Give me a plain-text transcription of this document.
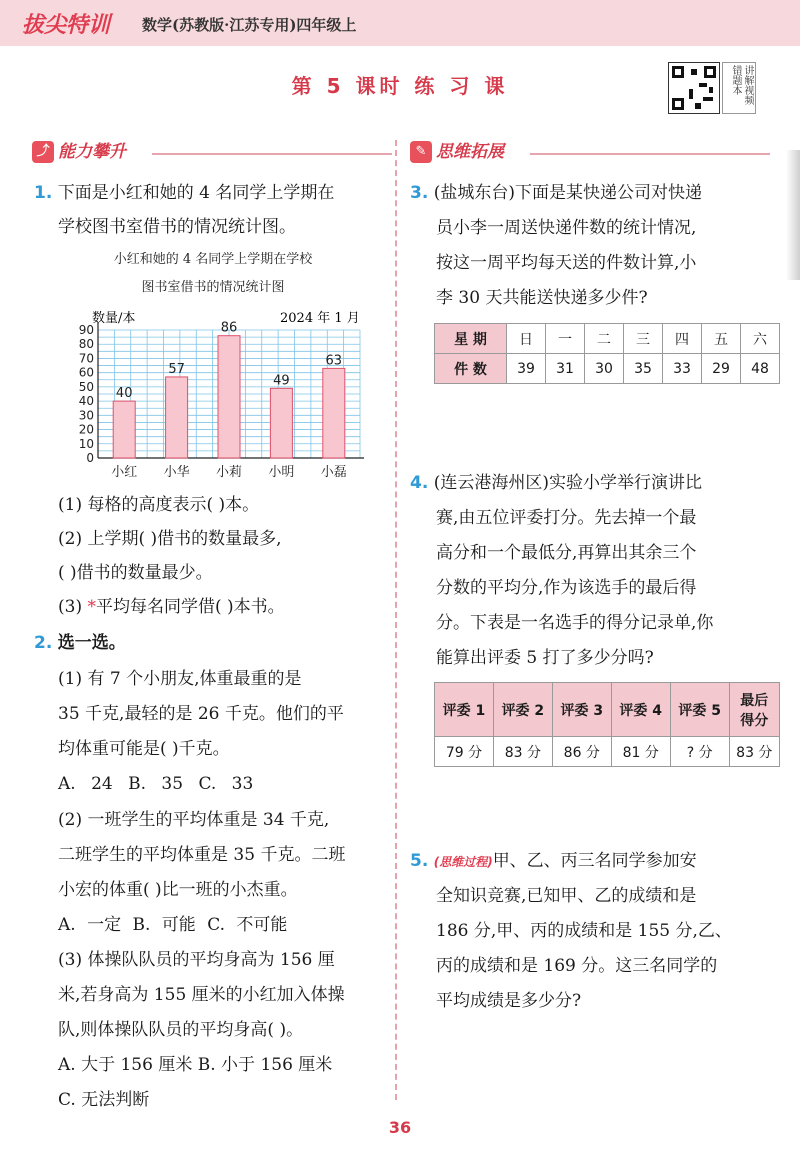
拔尖特训 数学(苏教版·江苏专用)四年级上
第 5 课时 练 习 课	讲解视频 错题本
⤴ 能力攀升	✎ 思维拓展
1. 下面是小红和她的 4 名同学上学期在
学校图书室借书的情况统计图。
小红和她的 4 名同学上学期在学校
图书室借书的情况统计图
数量/本	2024 年 1 月
0
10
20
30
40
50
60
70
80
90
40
小红
57
小华
86
小莉
49
小明
63
小磊
(1) 每格的高度表示( )本。
(2) 上学期( )借书的数量最多,
( )借书的数量最少。
(3) *平均每名同学借( )本书。
2. 选一选。
(1) 有 7 个小朋友,体重最重的是
35 千克,最轻的是 26 千克。他们的平
均体重可能是( )千克。
A. 24 B. 35 C. 33
(2) 一班学生的平均体重是 34 千克,
二班学生的平均体重是 35 千克。二班
小宏的体重( )比一班的小杰重。
A. 一定 B. 可能 C. 不可能
(3) 体操队队员的平均身高为 156 厘
米,若身高为 155 厘米的小红加入体操
队,则体操队队员的平均身高( )。
A. 大于 156 厘米 B. 小于 156 厘米
C. 无法判断
3. (盐城东台)下面是某快递公司对快递
员小李一周送快递件数的统计情况,
按这一周平均每天送的件数计算,小
李 30 天共能送快递多少件?
星 期	日	一	二	三	四	五	六
件 数	39	31	30	35	33	29	48
4. (连云港海州区)实验小学举行演讲比
赛,由五位评委打分。先去掉一个最
高分和一个最低分,再算出其余三个
分数的平均分,作为该选手的最后得
分。下表是一名选手的得分记录单,你
能算出评委 5 打了多少分吗?
评委 1	评委 2	评委 3	评委 4	评委 5	最后
得分

79 分	83 分	86 分	81 分	? 分	83 分
5. (思维过程)甲、乙、丙三名同学参加安
全知识竞赛,已知甲、乙的成绩和是
186 分,甲、丙的成绩和是 155 分,乙、
丙的成绩和是 169 分。这三名同学的
平均成绩是多少分?
36
